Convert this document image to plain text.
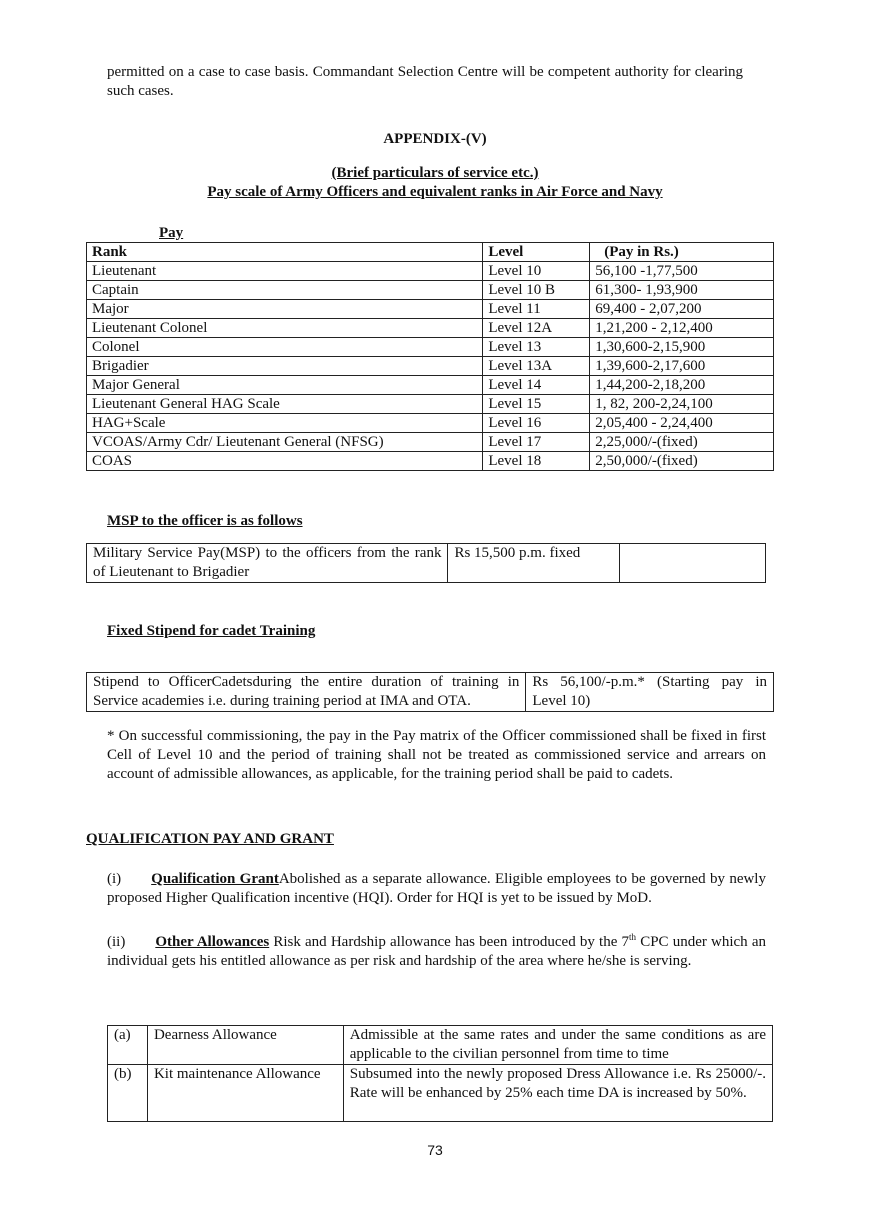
permitted on a case to case basis. Commandant Selection Centre will be competent authority for clearing such cases.
APPENDIX-(V)
(Brief particulars of service etc.)
Pay scale of Army Officers and equivalent ranks in Air Force and Navy
Pay
Rank	Level	(Pay in Rs.)
Lieutenant	Level 10	56,100 -1,77,500
Captain	Level 10 B	61,300- 1,93,900
Major	Level 11	69,400 - 2,07,200
Lieutenant Colonel	Level 12A	1,21,200 - 2,12,400
Colonel	Level 13	1,30,600-2,15,900
Brigadier	Level 13A	1,39,600-2,17,600
Major General	Level 14	1,44,200-2,18,200
Lieutenant General HAG Scale	Level 15	1, 82, 200-2,24,100
HAG+Scale	Level 16	2,05,400 - 2,24,400
VCOAS/Army Cdr/ Lieutenant General (NFSG)	Level 17	2,25,000/-(fixed)
COAS	Level 18	2,50,000/-(fixed)
MSP to the officer is as follows
Military Service Pay(MSP) to the officers from the rank of Lieutenant to Brigadier	Rs 15,500 p.m. fixed	
Fixed Stipend for cadet Training
Stipend to OfficerCadetsduring the entire duration of training in Service academies i.e. during training period at IMA and OTA.	Rs 56,100/-p.m.* (Starting pay in Level 10)
* On successful commissioning, the pay in the Pay matrix of the Officer commissioned shall be fixed in first Cell of Level 10 and the period of training shall not be treated as commissioned service and arrears on account of admissible allowances, as applicable, for the training period shall be paid to cadets.
QUALIFICATION PAY AND GRANT
(i) Qualification GrantAbolished as a separate allowance. Eligible employees to be governed by newly proposed Higher Qualification incentive (HQI). Order for HQI is yet to be issued by MoD.
(ii) Other Allowances Risk and Hardship allowance has been introduced by the 7th CPC under which an individual gets his entitled allowance as per risk and hardship of the area where he/she is serving.
(a)	Dearness Allowance	Admissible at the same rates and under the same conditions as are applicable to the civilian personnel from time to time
(b)	Kit maintenance Allowance	Subsumed into the newly proposed Dress Allowance i.e. Rs 25000/-. Rate will be enhanced by 25% each time DA is increased by 50%.
73
